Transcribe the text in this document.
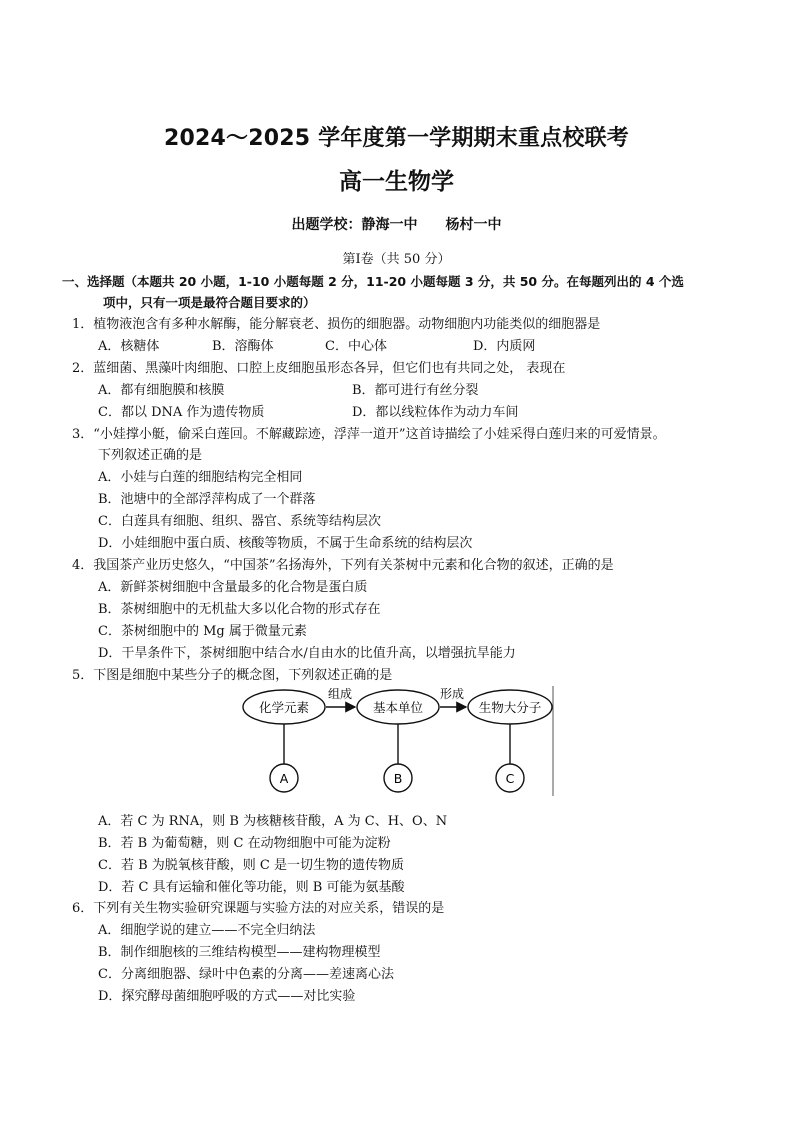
2024～2025 学年度第一学期期末重点校联考
高一生物学
出题学校：静海一中 杨村一中
第Ⅰ卷（共 50 分）
一、选择题（本题共 20 小题，1-10 小题每题 2 分，11-20 小题每题 3 分，共 50 分。在每题列出的 4 个选
项中，只有一项是最符合题目要求的）
1．植物液泡含有多种水解酶，能分解衰老、损伤的细胞器。动物细胞内功能类似的细胞器是
A．核糖体	B．溶酶体	C．中心体	D．内质网
2．蓝细菌、黑藻叶肉细胞、口腔上皮细胞虽形态各异，但它们也有共同之处， 表现在
A．都有细胞膜和核膜	B．都可进行有丝分裂
C．都以 DNA 作为遗传物质	D．都以线粒体作为动力车间
3．“小娃撑小艇，偷采白莲回。不解藏踪迹，浮萍一道开”这首诗描绘了小娃采得白莲归来的可爱情景。
下列叙述正确的是
A．小娃与白莲的细胞结构完全相同
B．池塘中的全部浮萍构成了一个群落
C．白莲具有细胞、组织、器官、系统等结构层次
D．小娃细胞中蛋白质、核酸等物质，不属于生命系统的结构层次
4．我国茶产业历史悠久，“中国茶”名扬海外，下列有关茶树中元素和化合物的叙述，正确的是
A．新鲜茶树细胞中含量最多的化合物是蛋白质
B．茶树细胞中的无机盐大多以化合物的形式存在
C．茶树细胞中的 Mg 属于微量元素
D．干旱条件下，茶树细胞中结合水/自由水的比值升高，以增强抗旱能力
5．下图是细胞中某些分子的概念图，下列叙述正确的是
化学元素	基本单位	生物大分子
组成	形成
A	B	C
A．若 C 为 RNA，则 B 为核糖核苷酸，A 为 C、H、O、N
B．若 B 为葡萄糖，则 C 在动物细胞中可能为淀粉
C．若 B 为脱氧核苷酸，则 C 是一切生物的遗传物质
D．若 C 具有运输和催化等功能，则 B 可能为氨基酸
6．下列有关生物实验研究课题与实验方法的对应关系，错误的是
A．细胞学说的建立——不完全归纳法
B．制作细胞核的三维结构模型——建构物理模型
C．分离细胞器、绿叶中色素的分离——差速离心法
D．探究酵母菌细胞呼吸的方式——对比实验
